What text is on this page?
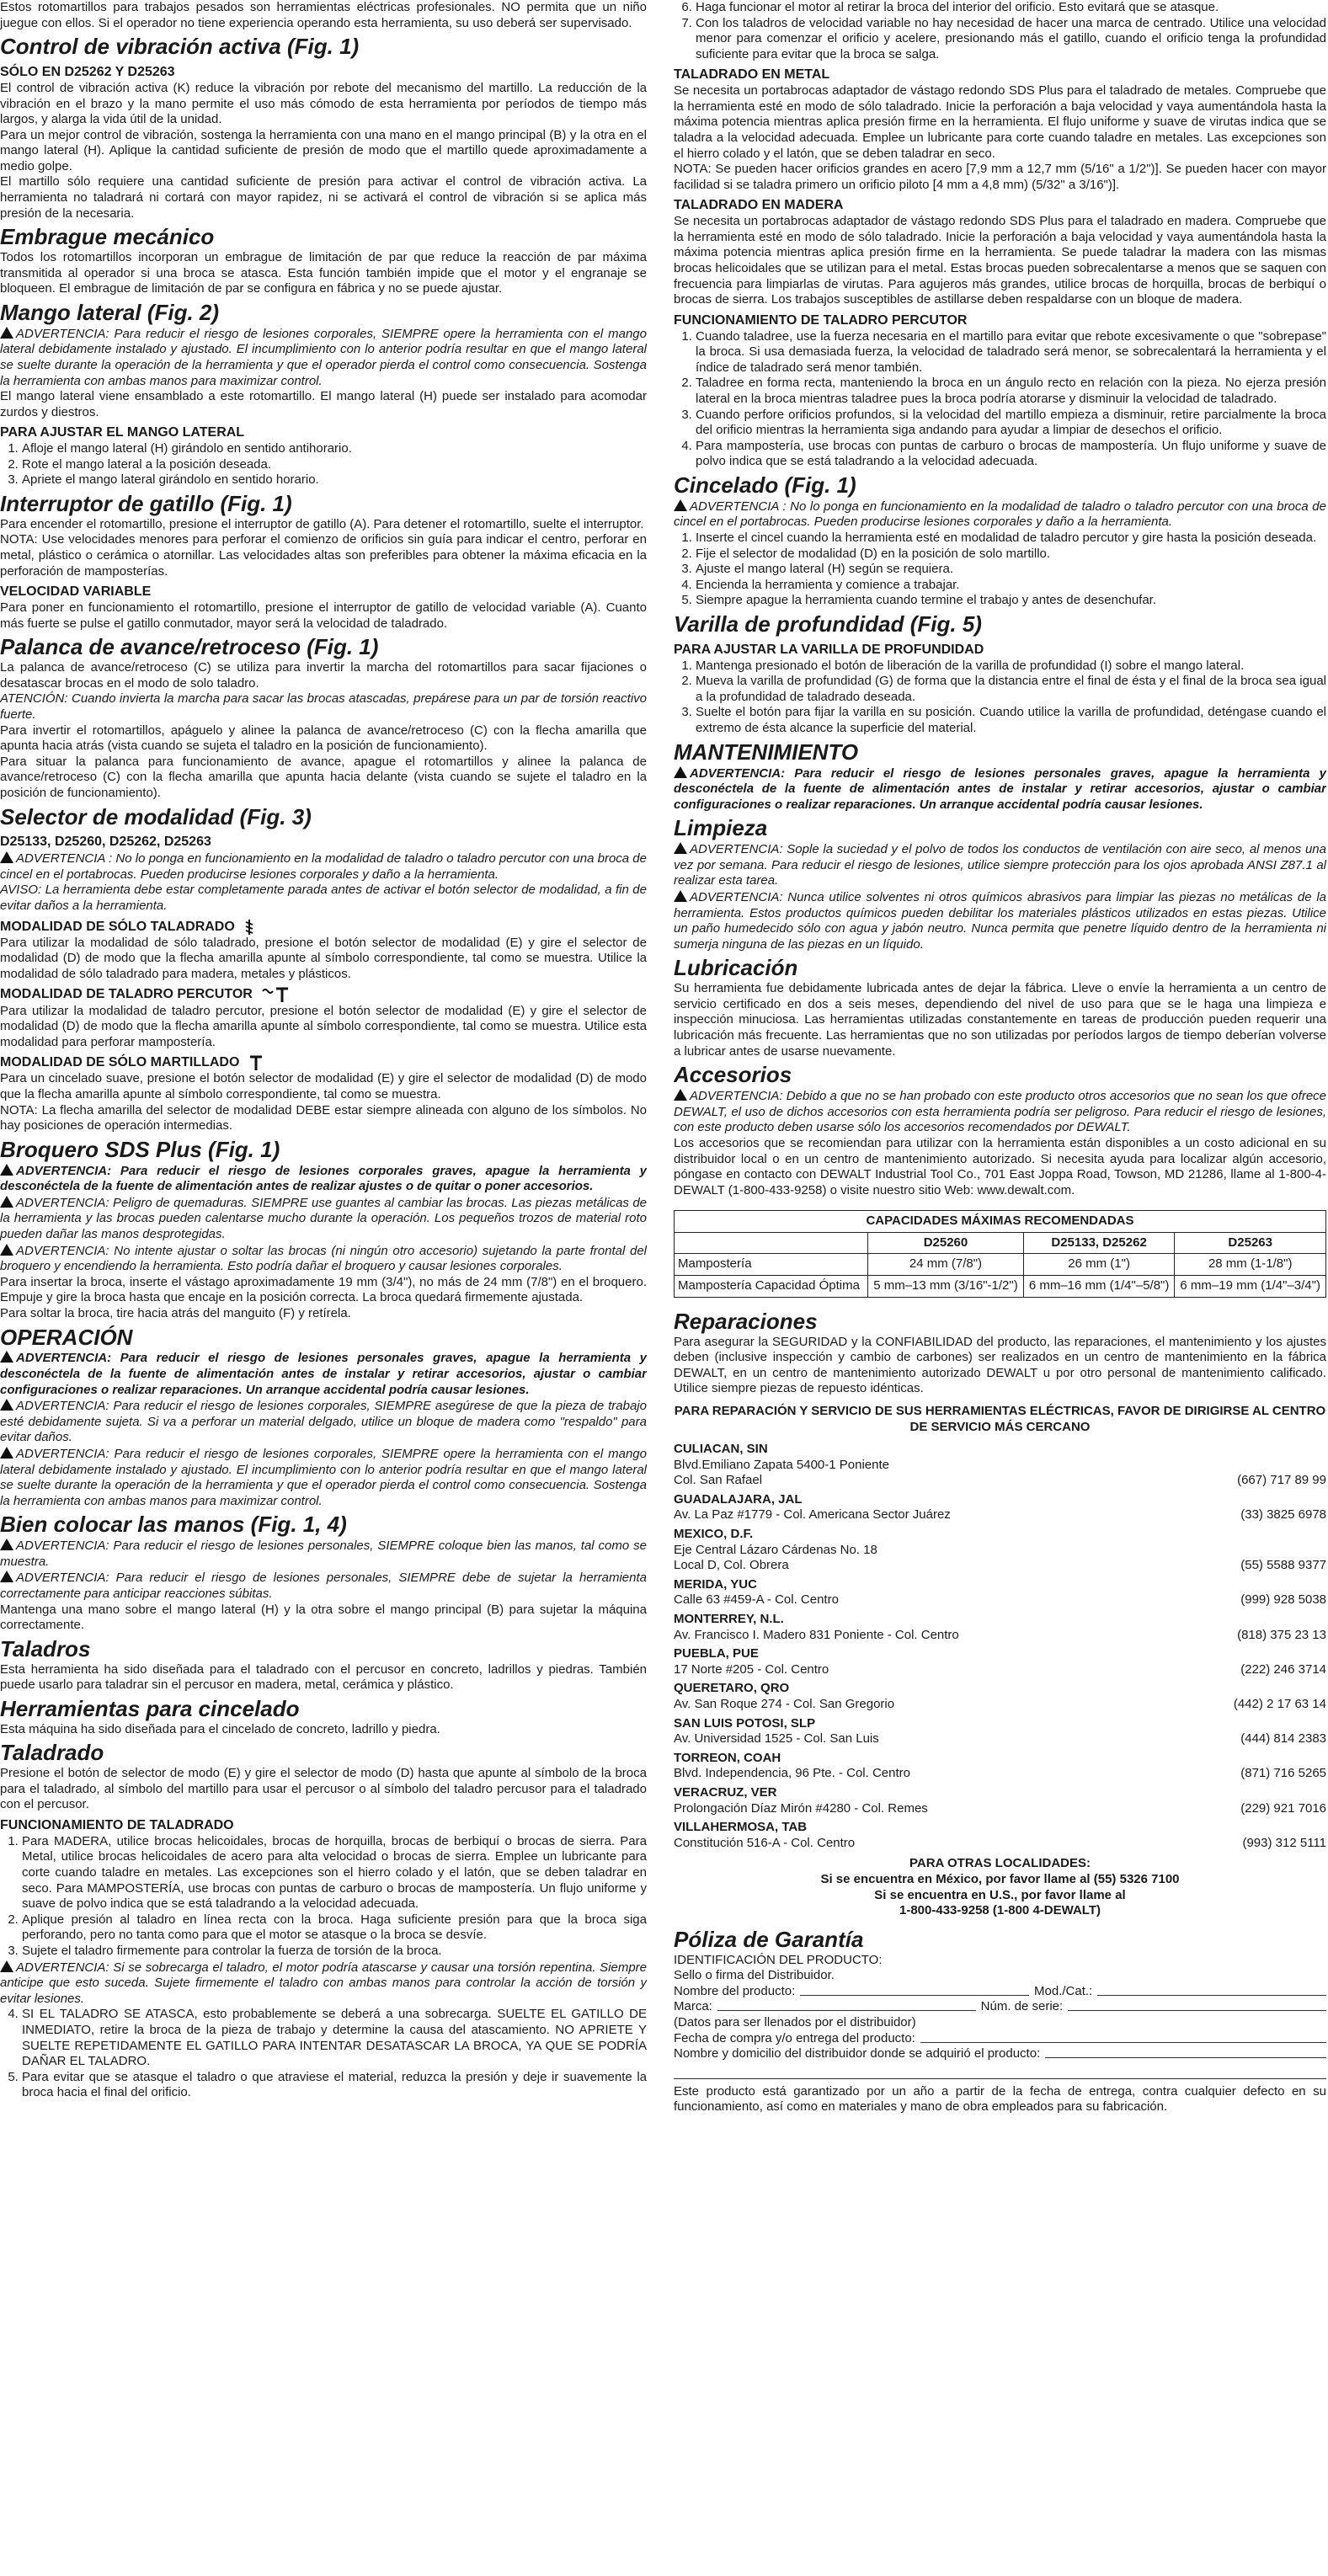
Estos rotomartillos para trabajos pesados son herramientas eléctricas profesionales. NO permita que un niño juegue con ellos. Si el operador no tiene experiencia operando esta herramienta, su uso deberá ser supervisado.

Control de vibración activa (Fig. 1)
SÓLO EN D25262 Y D25263

El control de vibración activa (K) reduce la vibración por rebote del mecanismo del martillo. La reducción de la vibración en el brazo y la mano permite el uso más cómodo de esta herramienta por períodos de tiempo más largos, y alarga la vida útil de la unidad.

Para un mejor control de vibración, sostenga la herramienta con una mano en el mango principal (B) y la otra en el mango lateral (H). Aplique la cantidad suficiente de presión de modo que el martillo quede aproximadamente a medio golpe.

El martillo sólo requiere una cantidad suficiente de presión para activar el control de vibración activa. La herramienta no taladrará ni cortará con mayor rapidez, ni se activará el control de vibración si se aplica más presión de la necesaria.

Embrague mecánico

Todos los rotomartillos incorporan un embrague de limitación de par que reduce la reacción de par máxima transmitida al operador si una broca se atasca. Esta función también impide que el motor y el engranaje se bloqueen. El embrague de limitación de par se configura en fábrica y no se puede ajustar.

Mango lateral (Fig. 2)

ADVERTENCIA: Para reducir el riesgo de lesiones corporales, SIEMPRE opere la herramienta con el mango lateral debidamente instalado y ajustado. El incumplimiento con lo anterior podría resultar en que el mango lateral se suelte durante la operación de la herramienta y que el operador pierda el control como consecuencia. Sostenga la herramienta con ambas manos para maximizar control.

El mango lateral viene ensamblado a este rotomartillo. El mango lateral (H) puede ser instalado para acomodar zurdos y diestros.

PARA AJUSTAR EL MANGO LATERAL
1. Afloje el mango lateral (H) girándolo en sentido antihorario.
2. Rote el mango lateral a la posición deseada.
3. Apriete el mango lateral girándolo en sentido horario.
Interruptor de gatillo (Fig. 1)

Para encender el rotomartillo, presione el interruptor de gatillo (A). Para detener el rotomartillo, suelte el interruptor.

NOTA: Use velocidades menores para perforar el comienzo de orificios sin guía para indicar el centro, perforar en metal, plástico o cerámica o atornillar. Las velocidades altas son preferibles para obtener la máxima eficacia en la perforación de mamposterías.

VELOCIDAD VARIABLE

Para poner en funcionamiento el rotomartillo, presione el interruptor de gatillo de velocidad variable (A). Cuanto más fuerte se pulse el gatillo conmutador, mayor será la velocidad de taladrado.

Palanca de avance/retroceso (Fig. 1)

La palanca de avance/retroceso (C) se utiliza para invertir la marcha del rotomartillos para sacar fijaciones o desatascar brocas en el modo de solo taladro.

ATENCIÓN: Cuando invierta la marcha para sacar las brocas atascadas, prepárese para un par de torsión reactivo fuerte.

Para invertir el rotomartillos, apáguelo y alinee la palanca de avance/retroceso (C) con la flecha amarilla que apunta hacia atrás (vista cuando se sujeta el taladro en la posición de funcionamiento).

Para situar la palanca para funcionamiento de avance, apague el rotomartillos y alinee la palanca de avance/retroceso (C) con la flecha amarilla que apunta hacia delante (vista cuando se sujete el taladro en la posición de funcionamiento).

Selector de modalidad (Fig. 3)
D25133, D25260, D25262, D25263

ADVERTENCIA : No lo ponga en funcionamiento en la modalidad de taladro o taladro percutor con una broca de cincel en el portabrocas. Pueden producirse lesiones corporales y daño a la herramienta.

AVISO: La herramienta debe estar completamente parada antes de activar el botón selector de modalidad, a fin de evitar daños a la herramienta.

MODALIDAD DE SÓLO TALADRADO

Para utilizar la modalidad de sólo taladrado, presione el botón selector de modalidad (E) y gire el selector de modalidad (D) de modo que la flecha amarilla apunte al símbolo correspondiente, tal como se muestra. Utilice la modalidad de sólo taladrado para madera, metales y plásticos.

MODALIDAD DE TALADRO PERCUTOR

Para utilizar la modalidad de taladro percutor, presione el botón selector de modalidad (E) y gire el selector de modalidad (D) de modo que la flecha amarilla apunte al símbolo correspondiente, tal como se muestra. Utilice esta modalidad para perforar mampostería.

MODALIDAD DE SÓLO MARTILLADO

Para un cincelado suave, presione el botón selector de modalidad (E) y gire el selector de modalidad (D) de modo que la flecha amarilla apunte al símbolo correspondiente, tal como se muestra.

NOTA: La flecha amarilla del selector de modalidad DEBE estar siempre alineada con alguno de los símbolos. No hay posiciones de operación intermedias.

Broquero SDS Plus (Fig. 1)

ADVERTENCIA: Para reducir el riesgo de lesiones corporales graves, apague la herramienta y desconéctela de la fuente de alimentación antes de realizar ajustes o de quitar o poner accesorios.

ADVERTENCIA: Peligro de quemaduras. SIEMPRE use guantes al cambiar las brocas. Las piezas metálicas de la herramienta y las brocas pueden calentarse mucho durante la operación. Los pequeños trozos de material roto pueden dañar las manos desprotegidas.

ADVERTENCIA: No intente ajustar o soltar las brocas (ni ningún otro accesorio) sujetando la parte frontal del broquero y encendiendo la herramienta. Esto podría dañar el broquero y causar lesiones corporales.

Para insertar la broca, inserte el vástago aproximadamente 19 mm (3/4"), no más de 24 mm (7/8") en el broquero. Empuje y gire la broca hasta que encaje en la posición correcta. La broca quedará firmemente ajustada.

Para soltar la broca, tire hacia atrás del manguito (F) y retírela.

OPERACIÓN

ADVERTENCIA: Para reducir el riesgo de lesiones personales graves, apague la herramienta y desconéctela de la fuente de alimentación antes de instalar y retirar accesorios, ajustar o cambiar configuraciones o realizar reparaciones. Un arranque accidental podría causar lesiones.

ADVERTENCIA: Para reducir el riesgo de lesiones corporales, SIEMPRE asegúrese de que la pieza de trabajo esté debidamente sujeta. Si va a perforar un material delgado, utilice un bloque de madera como "respaldo" para evitar daños.

ADVERTENCIA: Para reducir el riesgo de lesiones corporales, SIEMPRE opere la herramienta con el mango lateral debidamente instalado y ajustado. El incumplimiento con lo anterior podría resultar en que el mango lateral se suelte durante la operación de la herramienta y que el operador pierda el control como consecuencia. Sostenga la herramienta con ambas manos para maximizar control.

Bien colocar las manos (Fig. 1, 4)

ADVERTENCIA: Para reducir el riesgo de lesiones personales, SIEMPRE coloque bien las manos, tal como se muestra.

ADVERTENCIA: Para reducir el riesgo de lesiones personales, SIEMPRE debe de sujetar la herramienta correctamente para anticipar reacciones súbitas.

Mantenga una mano sobre el mango lateral (H) y la otra sobre el mango principal (B) para sujetar la máquina correctamente.

Taladros

Esta herramienta ha sido diseñada para el taladrado con el percusor en concreto, ladrillos y piedras. También puede usarlo para taladrar sin el percusor en madera, metal, cerámica y plástico.

Herramientas para cincelado

Esta máquina ha sido diseñada para el cincelado de concreto, ladrillo y piedra.

Taladrado

Presione el botón de selector de modo (E) y gire el selector de modo (D) hasta que apunte al símbolo de la broca para el taladrado, al símbolo del martillo para usar el percusor o al símbolo del taladro percusor para el taladrado con el percusor.

FUNCIONAMIENTO DE TALADRADO
1. Para MADERA, utilice brocas helicoidales, brocas de horquilla, brocas de berbiquí o brocas de sierra. Para Metal, utilice brocas helicoidales de acero para alta velocidad o brocas de sierra. Emplee un lubricante para corte cuando taladre en metales. Las excepciones son el hierro colado y el latón, que se deben taladrar en seco. Para MAMPOSTERÍA, use brocas con puntas de carburo o brocas de mampostería. Un flujo uniforme y suave de polvo indica que se está taladrando a la velocidad adecuada.
2. Aplique presión al taladro en línea recta con la broca. Haga suficiente presión para que la broca siga perforando, pero no tanta como para que el motor se atasque o la broca se desvíe.
3. Sujete el taladro firmemente para controlar la fuerza de torsión de la broca.

ADVERTENCIA: Si se sobrecarga el taladro, el motor podría atascarse y causar una torsión repentina. Siempre anticipe que esto suceda. Sujete firmemente el taladro con ambas manos para controlar la acción de torsión y evitar lesiones.

4. SI EL TALADRO SE ATASCA, esto probablemente se deberá a una sobrecarga. SUELTE EL GATILLO DE INMEDIATO, retire la broca de la pieza de trabajo y determine la causa del atascamiento. NO APRIETE Y SUELTE REPETIDAMENTE EL GATILLO PARA INTENTAR DESATASCAR LA BROCA, YA QUE SE PODRÍA DAÑAR EL TALADRO.
5. Para evitar que se atasque el taladro o que atraviese el material, reduzca la presión y deje ir suavemente la broca hacia el final del orificio.
6. Haga funcionar el motor al retirar la broca del interior del orificio. Esto evitará que se atasque.
7. Con los taladros de velocidad variable no hay necesidad de hacer una marca de centrado. Utilice una velocidad menor para comenzar el orificio y acelere, presionando más el gatillo, cuando el orificio tenga la profundidad suficiente para evitar que la broca se salga.
TALADRADO EN METAL

Se necesita un portabrocas adaptador de vástago redondo SDS Plus para el taladrado de metales. Compruebe que la herramienta esté en modo de sólo taladrado. Inicie la perforación a baja velocidad y vaya aumentándola hasta la máxima potencia mientras aplica presión firme en la herramienta. El flujo uniforme y suave de virutas indica que se taladra a la velocidad adecuada. Emplee un lubricante para corte cuando taladre en metales. Las excepciones son el hierro colado y el latón, que se deben taladrar en seco.

NOTA: Se pueden hacer orificios grandes en acero [7,9 mm a 12,7 mm (5/16" a 1/2")]. Se pueden hacer con mayor facilidad si se taladra primero un orificio piloto [4 mm a 4,8 mm) (5/32" a 3/16")].

TALADRADO EN MADERA

Se necesita un portabrocas adaptador de vástago redondo SDS Plus para el taladrado en madera. Compruebe que la herramienta esté en modo de sólo taladrado. Inicie la perforación a baja velocidad y vaya aumentándola hasta la máxima potencia mientras aplica presión firme en la herramienta. Se puede taladrar la madera con las mismas brocas helicoidales que se utilizan para el metal. Estas brocas pueden sobrecalentarse a menos que se saquen con frecuencia para limpiarlas de virutas. Para agujeros más grandes, utilice brocas de horquilla, brocas de berbiquí o brocas de sierra. Los trabajos susceptibles de astillarse deben respaldarse con un bloque de madera.

FUNCIONAMIENTO DE TALADRO PERCUTOR
1. Cuando taladree, use la fuerza necesaria en el martillo para evitar que rebote excesivamente o que "sobrepase" la broca. Si usa demasiada fuerza, la velocidad de taladrado será menor, se sobrecalentará la herramienta y el índice de taladrado será menor también.
2. Taladree en forma recta, manteniendo la broca en un ángulo recto en relación con la pieza. No ejerza presión lateral en la broca mientras taladree pues la broca podría atorarse y disminuir la velocidad de taladrado.
3. Cuando perfore orificios profundos, si la velocidad del martillo empieza a disminuir, retire parcialmente la broca del orificio mientras la herramienta siga andando para ayudar a limpiar de desechos el orificio.
4. Para mampostería, use brocas con puntas de carburo o brocas de mampostería. Un flujo uniforme y suave de polvo indica que se está taladrando a la velocidad adecuada.
Cincelado (Fig. 1)

ADVERTENCIA : No lo ponga en funcionamiento en la modalidad de taladro o taladro percutor con una broca de cincel en el portabrocas. Pueden producirse lesiones corporales y daño a la herramienta.

1. Inserte el cincel cuando la herramienta esté en modalidad de taladro percutor y gire hasta la posición deseada.
2. Fije el selector de modalidad (D) en la posición de solo martillo.
3. Ajuste el mango lateral (H) según se requiera.
4. Encienda la herramienta y comience a trabajar.
5. Siempre apague la herramienta cuando termine el trabajo y antes de desenchufar.
Varilla de profundidad (Fig. 5)
PARA AJUSTAR LA VARILLA DE PROFUNDIDAD
1. Mantenga presionado el botón de liberación de la varilla de profundidad (I) sobre el mango lateral.
2. Mueva la varilla de profundidad (G) de forma que la distancia entre el final de ésta y el final de la broca sea igual a la profundidad de taladrado deseada.
3. Suelte el botón para fijar la varilla en su posición. Cuando utilice la varilla de profundidad, deténgase cuando el extremo de ésta alcance la superficie del material.
MANTENIMIENTO

ADVERTENCIA: Para reducir el riesgo de lesiones personales graves, apague la herramienta y desconéctela de la fuente de alimentación antes de instalar y retirar accesorios, ajustar o cambiar configuraciones o realizar reparaciones. Un arranque accidental podría causar lesiones.

Limpieza

ADVERTENCIA: Sople la suciedad y el polvo de todos los conductos de ventilación con aire seco, al menos una vez por semana. Para reducir el riesgo de lesiones, utilice siempre protección para los ojos aprobada ANSI Z87.1 al realizar esta tarea.

ADVERTENCIA: Nunca utilice solventes ni otros químicos abrasivos para limpiar las piezas no metálicas de la herramienta. Estos productos químicos pueden debilitar los materiales plásticos utilizados en estas piezas. Utilice un paño humedecido sólo con agua y jabón neutro. Nunca permita que penetre líquido dentro de la herramienta ni sumerja ninguna de las piezas en un líquido.

Lubricación

Su herramienta fue debidamente lubricada antes de dejar la fábrica. Lleve o envíe la herramienta a un centro de servicio certificado en dos a seis meses, dependiendo del nivel de uso para que se le haga una limpieza e inspección minuciosa. Las herramientas utilizadas constantemente en tareas de producción pueden requerir una lubricación más frecuente. Las herramientas que no son utilizadas por períodos largos de tiempo deberían volverse a lubricar antes de usarse nuevamente.

Accesorios

ADVERTENCIA: Debido a que no se han probado con este producto otros accesorios que no sean los que ofrece DEWALT, el uso de dichos accesorios con esta herramienta podría ser peligroso. Para reducir el riesgo de lesiones, con este producto deben usarse sólo los accesorios recomendados por DEWALT.

Los accesorios que se recomiendan para utilizar con la herramienta están disponibles a un costo adicional en su distribuidor local o en un centro de mantenimiento autorizado. Si necesita ayuda para localizar algún accesorio, póngase en contacto con DEWALT Industrial Tool Co., 701 East Joppa Road, Towson, MD 21286, llame al 1-800-4-DEWALT (1-800-433-9258) o visite nuestro sitio Web: www.dewalt.com.

CAPACIDADES MÁXIMAS RECOMENDADAS			
	D25260	D25133, D25262	D25263
Mampostería	24 mm (7/8")	26 mm (1")	28 mm (1-1/8")
Mampostería Capacidad Óptima	5 mm–13 mm (3/16"-1/2")	6 mm–16 mm (1/4"–5/8")	6 mm–19 mm (1/4"–3/4")
Reparaciones

Para asegurar la SEGURIDAD y la CONFIABILIDAD del producto, las reparaciones, el mantenimiento y los ajustes deben (inclusive inspección y cambio de carbones) ser realizados en un centro de mantenimiento en la fábrica DEWALT, en un centro de mantenimiento autorizado DEWALT u por otro personal de mantenimiento calificado. Utilice siempre piezas de repuesto idénticas.

PARA REPARACIÓN Y SERVICIO DE SUS HERRAMIENTAS ELÉCTRICAS, FAVOR DE DIRIGIRSE AL CENTRO DE SERVICIO MÁS CERCANO

CULIACAN, SIN
Blvd.Emiliano Zapata 5400-1 Poniente
Col. San Rafael	(667) 717 89 99
GUADALAJARA, JAL
Av. La Paz #1779 - Col. Americana Sector Juárez	(33) 3825 6978
MEXICO, D.F.
Eje Central Lázaro Cárdenas No. 18
Local D, Col. Obrera	(55) 5588 9377
MERIDA, YUC
Calle 63 #459-A - Col. Centro	(999) 928 5038
MONTERREY, N.L.
Av. Francisco I. Madero 831 Poniente - Col. Centro	(818) 375 23 13
PUEBLA, PUE
17 Norte #205 - Col. Centro	(222) 246 3714
QUERETARO, QRO
Av. San Roque 274 - Col. San Gregorio	(442) 2 17 63 14
SAN LUIS POTOSI, SLP
Av. Universidad 1525 - Col. San Luis	(444) 814 2383
TORREON, COAH
Blvd. Independencia, 96 Pte. - Col. Centro	(871) 716 5265
VERACRUZ, VER
Prolongación Díaz Mirón #4280 - Col. Remes	(229) 921 7016
VILLAHERMOSA, TAB
Constitución 516-A - Col. Centro	(993) 312 5111

PARA OTRAS LOCALIDADES:

Si se encuentra en México, por favor llame al (55) 5326 7100

Si se encuentra en U.S., por favor llame al

1-800-433-9258 (1-800 4-DEWALT)

Póliza de Garantía

IDENTIFICACIÓN DEL PRODUCTO:

Sello o firma del Distribuidor.

Nombre del producto:	Mod./Cat.:
Marca:	Núm. de serie:

(Datos para ser llenados por el distribuidor)

Fecha de compra y/o entrega del producto:
Nombre y domicilio del distribuidor donde se adquirió el producto:

Este producto está garantizado por un año a partir de la fecha de entrega, contra cualquier defecto en su funcionamiento, así como en materiales y mano de obra empleados para su fabricación.
